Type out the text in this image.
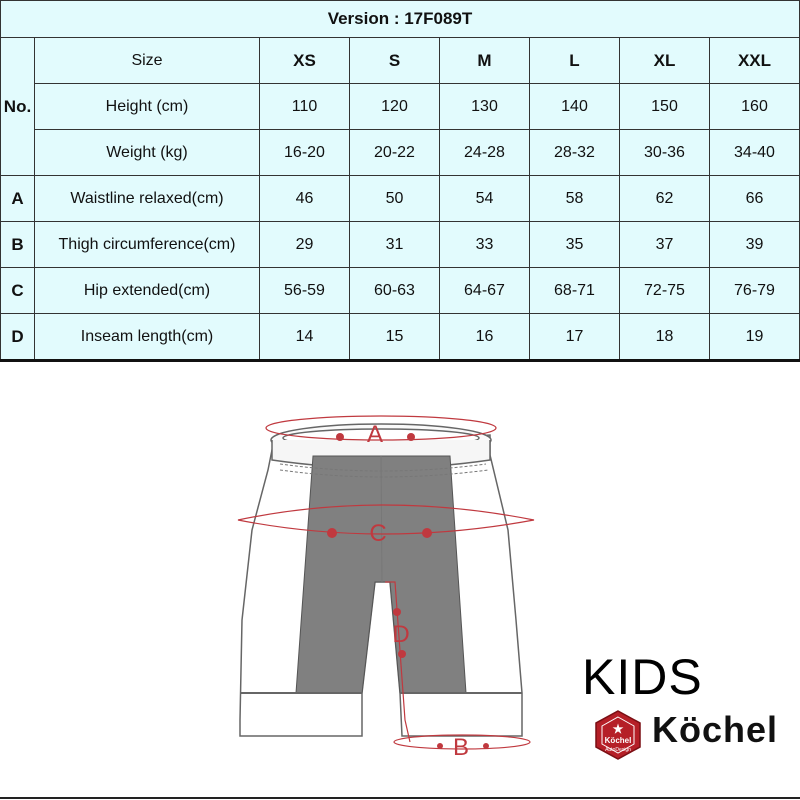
Version : 17F089T							
No.	Size	XS	S	M	L	XL	XXL
	Height (cm)	110	120	130	140	150	160
	Weight (kg)	16-20	20-22	24-28	28-32	30-36	34-40
A	Waistline relaxed(cm)	46	50	54	58	62	66
B	Thigh circumference(cm)	29	31	33	35	37	39
C	Hip extended(cm)	56-59	60-63	64-67	68-71	72-75	76-79
D	Inseam length(cm)	14	15	16	17	18	19
A
C
D
B
KIDS
★
Köchel
AutoDesign Köchel
